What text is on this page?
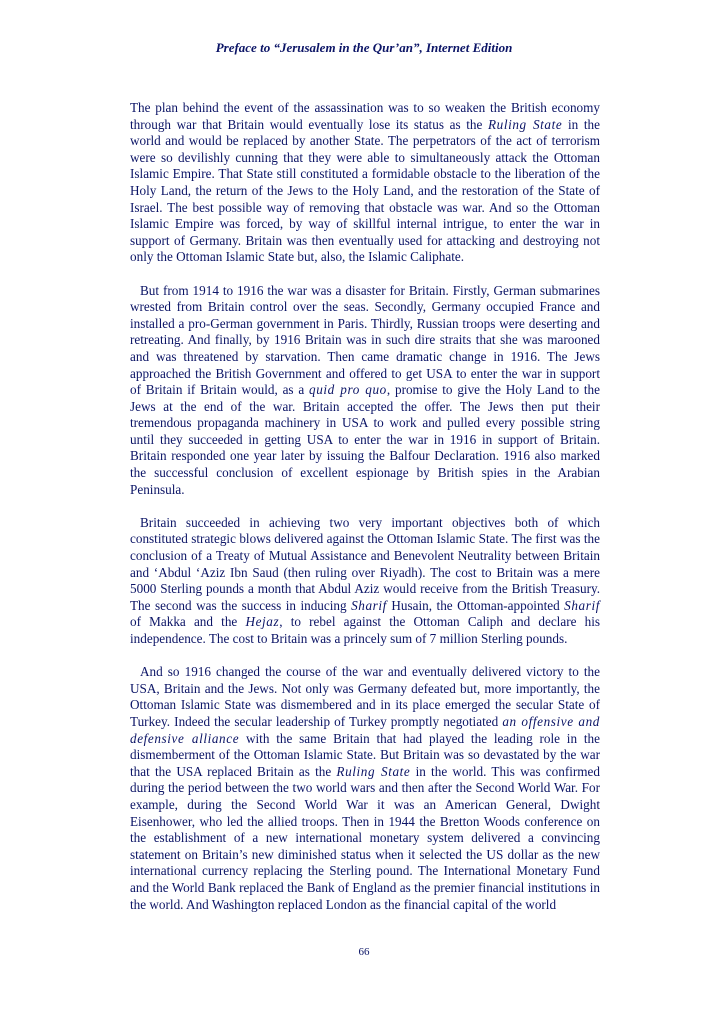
Preface to “Jerusalem in the Qur’an”, Internet Edition

The plan behind the event of the assassination was to so weaken the British economy through war that Britain would eventually lose its status as the Ruling State in the world and would be replaced by another State. The perpetrators of the act of terrorism were so devilishly cunning that they were able to simultaneously attack the Ottoman Islamic Empire. That State still constituted a formidable obstacle to the liberation of the Holy Land, the return of the Jews to the Holy Land, and the restoration of the State of Israel. The best possible way of removing that obstacle was war. And so the Ottoman Islamic Empire was forced, by way of skillful internal intrigue, to enter the war in support of Germany. Britain was then eventually used for attacking and destroying not only the Ottoman Islamic State but, also, the Islamic Caliphate.

But from 1914 to 1916 the war was a disaster for Britain. Firstly, German submarines wrested from Britain control over the seas. Secondly, Germany occupied France and installed a pro-German government in Paris. Thirdly, Russian troops were deserting and retreating. And finally, by 1916 Britain was in such dire straits that she was marooned and was threatened by starvation. Then came dramatic change in 1916. The Jews approached the British Government and offered to get USA to enter the war in support of Britain if Britain would, as a quid pro quo, promise to give the Holy Land to the Jews at the end of the war. Britain accepted the offer. The Jews then put their tremendous propaganda machinery in USA to work and pulled every possible string until they succeeded in getting USA to enter the war in 1916 in support of Britain. Britain responded one year later by issuing the Balfour Declaration. 1916 also marked the successful conclusion of excellent espionage by British spies in the Arabian Peninsula.

Britain succeeded in achieving two very important objectives both of which constituted strategic blows delivered against the Ottoman Islamic State. The first was the conclusion of a Treaty of Mutual Assistance and Benevolent Neutrality between Britain and ‘Abdul ‘Aziz Ibn Saud (then ruling over Riyadh). The cost to Britain was a mere 5000 Sterling pounds a month that Abdul Aziz would receive from the British Treasury. The second was the success in inducing Sharif Husain, the Ottoman-appointed Sharif of Makka and the Hejaz, to rebel against the Ottoman Caliph and declare his independence. The cost to Britain was a princely sum of 7 million Sterling pounds.

And so 1916 changed the course of the war and eventually delivered victory to the USA, Britain and the Jews. Not only was Germany defeated but, more importantly, the Ottoman Islamic State was dismembered and in its place emerged the secular State of Turkey. Indeed the secular leadership of Turkey promptly negotiated an offensive and defensive alliance with the same Britain that had played the leading role in the dismemberment of the Ottoman Islamic State. But Britain was so devastated by the war that the USA replaced Britain as the Ruling State in the world. This was confirmed during the period between the two world wars and then after the Second World War. For example, during the Second World War it was an American General, Dwight Eisenhower, who led the allied troops. Then in 1944 the Bretton Woods conference on the establishment of a new international monetary system delivered a convincing statement on Britain’s new diminished status when it selected the US dollar as the new international currency replacing the Sterling pound. The International Monetary Fund and the World Bank replaced the Bank of England as the premier financial institutions in the world. And Washington replaced London as the financial capital of the world

66
